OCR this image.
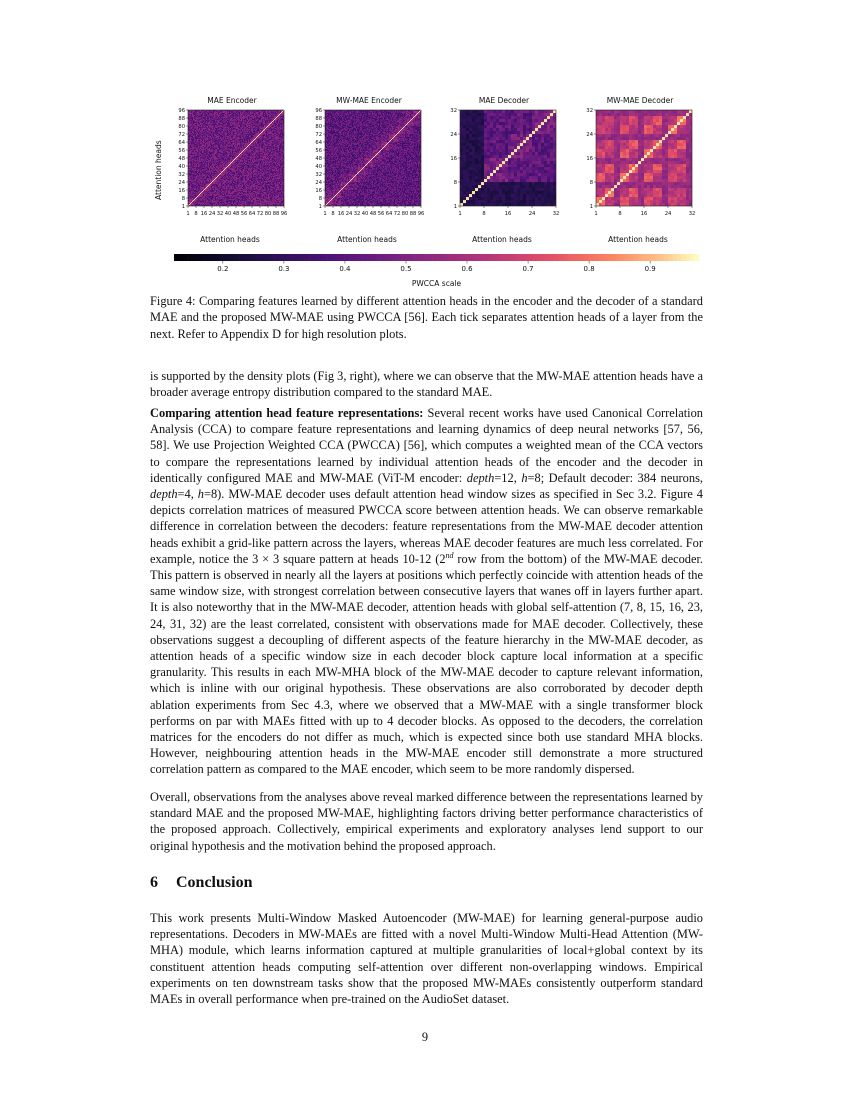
MAE Encoder
1
1
8
8
16
16
24
24
32
32
40
40
48
48
56
56
64
64
72
72
80
80
88
88
96
96
Attention heads
Attention heads
MW-MAE Encoder
1
1
8
8
16
16
24
24
32
32
40
40
48
48
56
56
64
64
72
72
80
80
88
88
96
96
Attention heads
MAE Decoder
1
1
8
8
16
16
24
24
32
32
Attention heads
MW-MAE Decoder
1
1
8
8
16
16
24
24
32
32
Attention heads
0.2	0.3	0.4	0.5	0.6	0.7	0.8	0.9
PWCCA scale
Figure 4: Comparing features learned by different attention heads in the encoder and the decoder of a standard MAE and the proposed MW-MAE using PWCCA [56]. Each tick separates attention heads of a layer from the next. Refer to Appendix D for high resolution plots.

is supported by the density plots (Fig 3, right), where we can observe that the MW-MAE attention heads have a broader average entropy distribution compared to the standard MAE.

Comparing attention head feature representations: Several recent works have used Canonical Correlation Analysis (CCA) to compare feature representations and learning dynamics of deep neural networks [57, 56, 58]. We use Projection Weighted CCA (PWCCA) [56], which computes a weighted mean of the CCA vectors to compare the representations learned by individual attention heads of the encoder and the decoder in identically configured MAE and MW-MAE (ViT-M encoder: depth=12, h=8; Default decoder: 384 neurons, depth=4, h=8). MW-MAE decoder uses default attention head window sizes as specified in Sec 3.2. Figure 4 depicts correlation matrices of measured PWCCA score between attention heads. We can observe remarkable difference in correlation between the decoders: feature representations from the MW-MAE decoder attention heads exhibit a grid-like pattern across the layers, whereas MAE decoder features are much less correlated. For example, notice the 3 × 3 square pattern at heads 10-12 (2nd row from the bottom) of the MW-MAE decoder. This pattern is observed in nearly all the layers at positions which perfectly coincide with attention heads of the same window size, with strongest correlation between consecutive layers that wanes off in layers further apart. It is also noteworthy that in the MW-MAE decoder, attention heads with global self-attention (7, 8, 15, 16, 23, 24, 31, 32) are the least correlated, consistent with observations made for MAE decoder. Collectively, these observations suggest a decoupling of different aspects of the feature hierarchy in the MW-MAE decoder, as attention heads of a specific window size in each decoder block capture local information at a specific granularity. This results in each MW-MHA block of the MW-MAE decoder to capture relevant information, which is inline with our original hypothesis. These observations are also corroborated by decoder depth ablation experiments from Sec 4.3, where we observed that a MW-MAE with a single transformer block performs on par with MAEs fitted with up to 4 decoder blocks. As opposed to the decoders, the correlation matrices for the encoders do not differ as much, which is expected since both use standard MHA blocks. However, neighbouring attention heads in the MW-MAE encoder still demonstrate a more structured correlation pattern as compared to the MAE encoder, which seem to be more randomly dispersed.

Overall, observations from the analyses above reveal marked difference between the representations learned by standard MAE and the proposed MW-MAE, highlighting factors driving better performance characteristics of the proposed approach. Collectively, empirical experiments and exploratory analyses lend support to our original hypothesis and the motivation behind the proposed approach.

6 Conclusion

This work presents Multi-Window Masked Autoencoder (MW-MAE) for learning general-purpose audio representations. Decoders in MW-MAEs are fitted with a novel Multi-Window Multi-Head Attention (MW-MHA) module, which learns information captured at multiple granularities of local+global context by its constituent attention heads computing self-attention over different non-overlapping windows. Empirical experiments on ten downstream tasks show that the proposed MW-MAEs consistently outperform standard MAEs in overall performance when pre-trained on the AudioSet dataset.

9
